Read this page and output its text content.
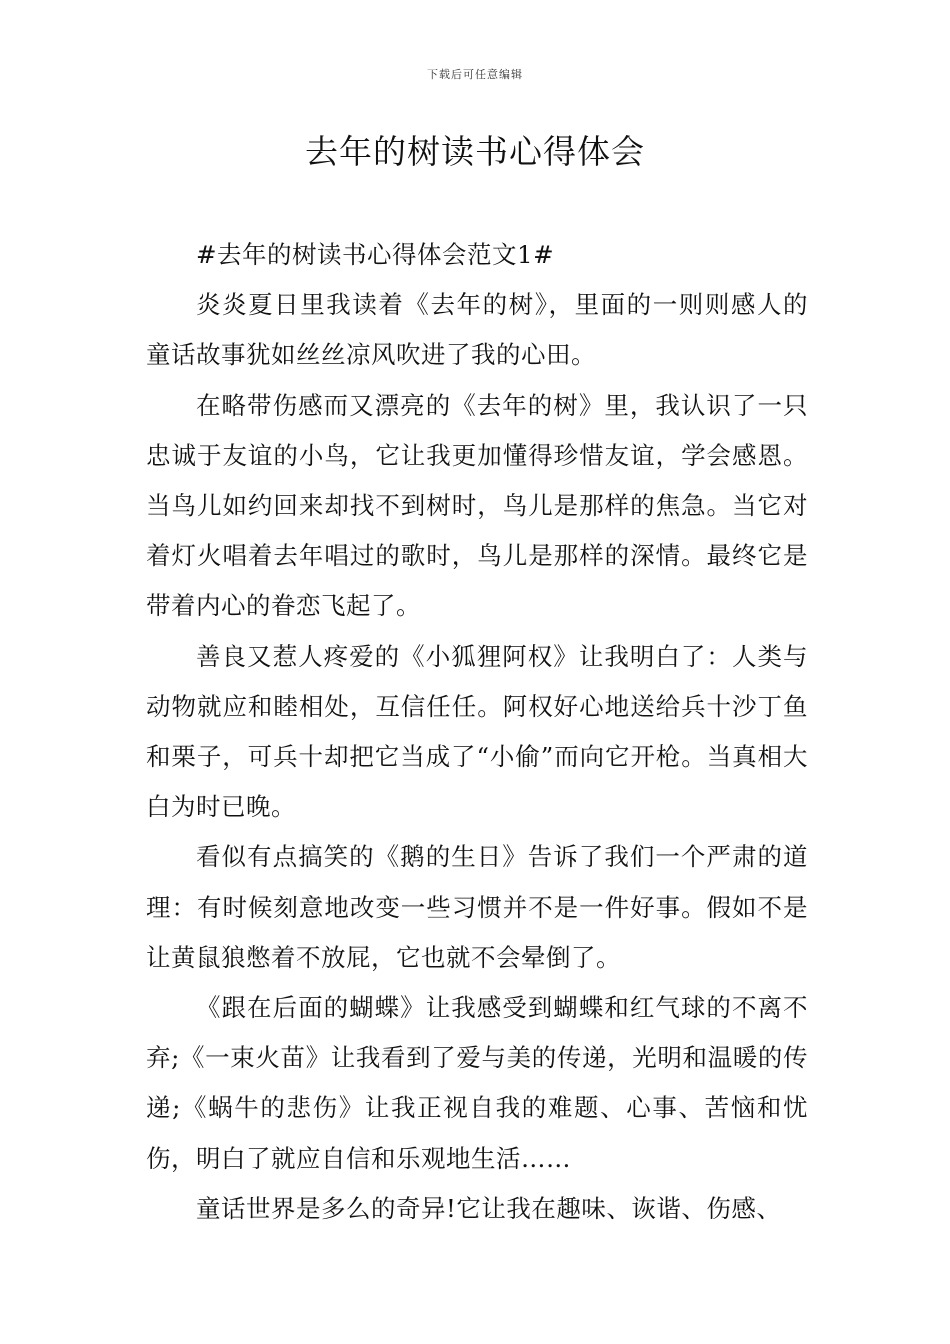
下载后可任意编辑
去年的树读书心得体会

#去年的树读书心得体会范文1#

炎炎夏日里我读着《去年的树》，里面的一则则感人的童话故事犹如丝丝凉风吹进了我的心田。

在略带伤感而又漂亮的《去年的树》里，我认识了一只忠诚于友谊的小鸟，它让我更加懂得珍惜友谊，学会感恩。当鸟儿如约回来却找不到树时，鸟儿是那样的焦急。当它对着灯火唱着去年唱过的歌时，鸟儿是那样的深情。最终它是带着内心的眷恋飞起了。

善良又惹人疼爱的《小狐狸阿权》让我明白了：人类与动物就应和睦相处，互信任任。阿权好心地送给兵十沙丁鱼和栗子，可兵十却把它当成了“小偷”而向它开枪。当真相大白为时已晚。

看似有点搞笑的《鹅的生日》告诉了我们一个严肃的道理：有时候刻意地改变一些习惯并不是一件好事。假如不是让黄鼠狼憋着不放屁，它也就不会晕倒了。

《跟在后面的蝴蝶》让我感受到蝴蝶和红气球的不离不弃;《一束火苗》让我看到了爱与美的传递，光明和温暖的传递;《蜗牛的悲伤》让我正视自我的难题、心事、苦恼和忧伤，明白了就应自信和乐观地生活……

童话世界是多么的奇异!它让我在趣味、诙谐、伤感、
